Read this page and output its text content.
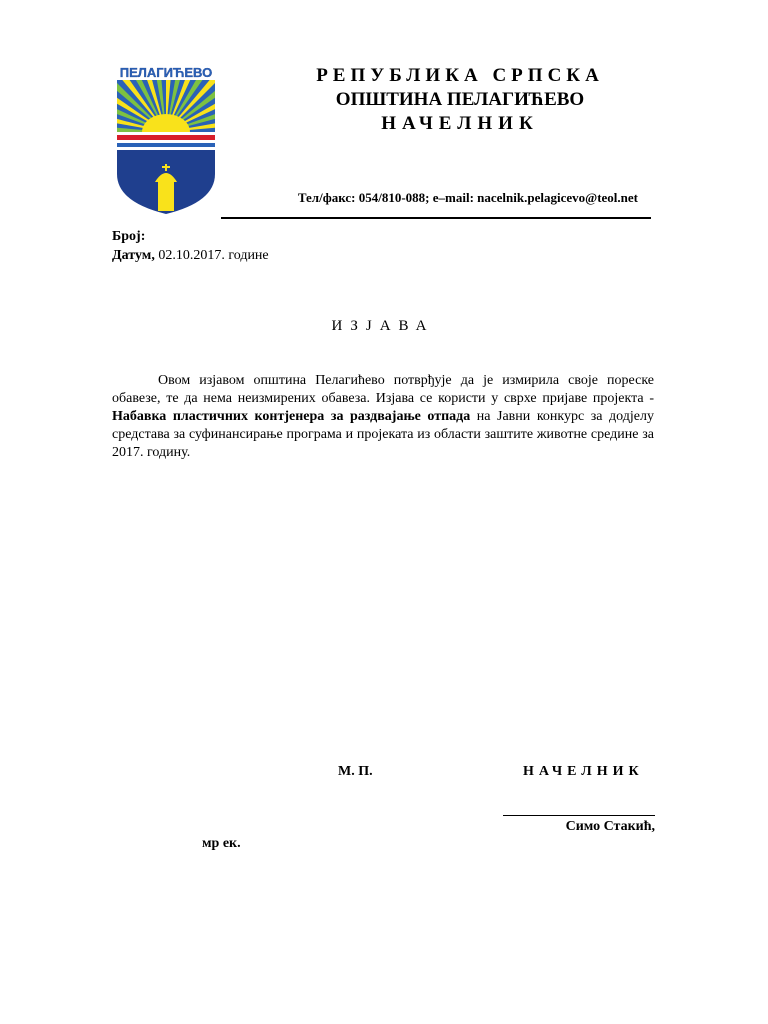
ПЕЛАГИЋЕВО	РЕПУБЛИКА СРПСКА
ОПШТИНА ПЕЛАГИЋЕВО
НАЧЕЛНИК
Тел/факс: 054/810-088; e–mail: nacelnik.pelagicevo@teol.net
Број:
Датум, 02.10.2017. године
ИЗЈАВА
Овом изјавом општина Пелагићево потврђује да је измирила своје пореске обавезе, те да нема неизмирених обавеза. Изјава се користи у сврхе пријаве пројекта - Набавка пластичних контјенера за раздвајање отпада на Јавни конкурс за додјелу средстава за суфинансирање програма и пројеката из области заштите животне средине за 2017. годину.
М. П.	НАЧЕЛНИК
Симо Стакић,
мр ек.
